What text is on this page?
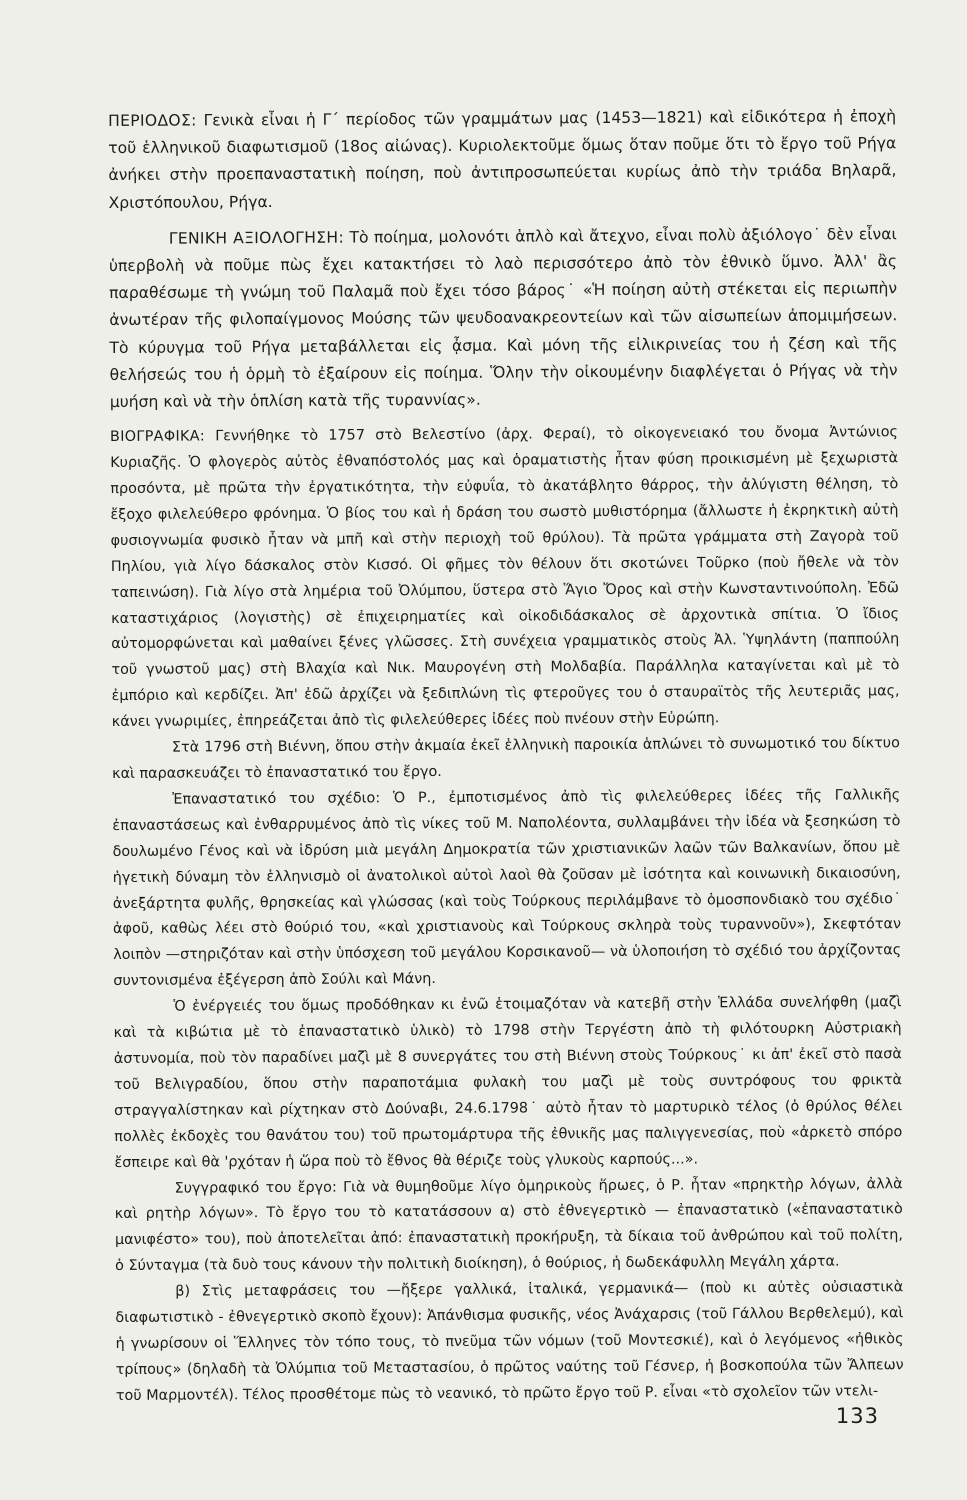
ΠΕΡΙΟΔΟΣ: Γενικὰ εἶναι ἡ Γ΄ περίοδος τῶν γραμμάτων μας (1453—1821) καὶ εἰδικότερα ἡ ἐποχὴ τοῦ ἑλληνικοῦ διαφωτισμοῦ (18ος αἰώνας). Κυριολεκτοῦμε ὅμως ὅταν ποῦμε ὅτι τὸ ἔργο τοῦ Ρήγα ἀνήκει στὴν προεπαναστατικὴ ποίηση, ποὺ ἀντιπροσωπεύεται κυρίως ἀπὸ τὴν τριάδα Βηλαρᾶ, Χριστόπουλου, Ρήγα.

ΓΕΝΙΚΗ ΑΞΙΟΛΟΓΗΣΗ: Τὸ ποίημα, μολονότι ἁπλὸ καὶ ἄτεχνο, εἶναι πολὺ ἀξιόλογο˙ δὲν εἶναι ὑπερβολὴ νὰ ποῦμε πὼς ἔχει κατακτήσει τὸ λαὸ περισσότερο ἀπὸ τὸν ἐθνικὸ ὕμνο. Ἀλλ' ἂς παραθέσωμε τὴ γνώμη τοῦ Παλαμᾶ ποὺ ἔχει τόσο βάρος˙ «Ἡ ποίηση αὐτὴ στέκεται εἰς περιωπὴν ἀνωτέραν τῆς φιλοπαίγμονος Μούσης τῶν ψευδοανακρεοντείων καὶ τῶν αἰσωπείων ἀπομιμήσεων. Τὸ κύρυγμα τοῦ Ρήγα μεταβάλλεται εἰς ᾆσμα. Καὶ μόνη τῆς εἰλικρινείας του ἡ ζέση καὶ τῆς θελήσεώς του ἡ ὁρμὴ τὸ ἐξαίρουν εἰς ποίημα. Ὅλην τὴν οἰκουμένην διαφλέγεται ὁ Ρήγας νὰ τὴν μυήση καὶ νὰ τὴν ὁπλίση κατὰ τῆς τυραννίας».

ΒΙΟΓΡΑΦΙΚΑ: Γεννήθηκε τὸ 1757 στὸ Βελεστίνο (ἀρχ. Φεραί), τὸ οἰκογενειακό του ὄνομα Ἀντώνιος Κυριαζῆς. Ὁ φλογερὸς αὐτὸς ἐθναπόστολός μας καὶ ὁραματιστὴς ἦταν φύση προικισμένη μὲ ξεχωριστὰ προσόντα, μὲ πρῶτα τὴν ἐργατικότητα, τὴν εὐφυΐα, τὸ ἀκατάβλητο θάρρος, τὴν ἀλύγιστη θέληση, τὸ ἔξοχο φιλελεύθερο φρόνημα. Ὁ βίος του καὶ ἡ δράση του σωστὸ μυθιστόρημα (ἄλλωστε ἡ ἐκρηκτικὴ αὐτὴ φυσιογνωμία φυσικὸ ἦταν νὰ μπῆ καὶ στὴν περιοχὴ τοῦ θρύλου). Τὰ πρῶτα γράμματα στὴ Ζαγορὰ τοῦ Πηλίου, γιὰ λίγο δάσκαλος στὸν Κισσό. Οἱ φῆμες τὸν θέλουν ὅτι σκοτώνει Τοῦρκο (ποὺ ἤθελε νὰ τὸν ταπεινώση). Γιὰ λίγο στὰ λημέρια τοῦ Ὀλύμπου, ὕστερα στὸ Ἅγιο Ὄρος καὶ στὴν Κωνσταντινούπολη. Ἐδῶ καταστιχάριος (λογιστὴς) σὲ ἐπιχειρηματίες καὶ οἰκοδιδάσκαλος σὲ ἀρχοντικὰ σπίτια. Ὁ ἴδιος αὐτομορφώνεται καὶ μαθαίνει ξένες γλῶσσες. Στὴ συνέχεια γραμματικὸς στοὺς Ἀλ. Ὑψηλάντη (παππούλη τοῦ γνωστοῦ μας) στὴ Βλαχία καὶ Νικ. Μαυρογένη στὴ Μολδαβία. Παράλληλα καταγίνεται καὶ μὲ τὸ ἐμπόριο καὶ κερδίζει. Ἀπ' ἐδῶ ἀρχίζει νὰ ξεδιπλώνη τὶς φτεροῦγες του ὁ σταυραϊτὸς τῆς λευτεριᾶς μας, κάνει γνωριμίες, ἐπηρεάζεται ἀπὸ τὶς φιλελεύθερες ἰδέες ποὺ πνέουν στὴν Εὐρώπη.

Στὰ 1796 στὴ Βιέννη, ὅπου στὴν ἀκμαία ἐκεῖ ἑλληνικὴ παροικία ἁπλώνει τὸ συνωμοτικό του δίκτυο καὶ παρασκευάζει τὸ ἐπαναστατικό του ἔργο.

Ἐπαναστατικό του σχέδιο: Ὁ Ρ., ἐμποτισμένος ἀπὸ τὶς φιλελεύθερες ἰδέες τῆς Γαλλικῆς ἐπαναστάσεως καὶ ἐνθαρρυμένος ἀπὸ τὶς νίκες τοῦ Μ. Ναπολέοντα, συλλαμβάνει τὴν ἰδέα νὰ ξεσηκώση τὸ δουλωμένο Γένος καὶ νὰ ἱδρύση μιὰ μεγάλη Δημοκρατία τῶν χριστιανικῶν λαῶν τῶν Βαλκανίων, ὅπου μὲ ἡγετικὴ δύναμη τὸν ἑλληνισμὸ οἱ ἀνατολικοὶ αὐτοὶ λαοὶ θὰ ζοῦσαν μὲ ἰσότητα καὶ κοινωνικὴ δικαιοσύνη, ἀνεξάρτητα φυλῆς, θρησκείας καὶ γλώσσας (καὶ τοὺς Τούρκους περιλάμβανε τὸ ὁμοσπονδιακὸ του σχέδιο˙ ἀφοῦ, καθὼς λέει στὸ θούριό του, «καὶ χριστιανοὺς καὶ Τούρκους σκληρὰ τοὺς τυραννοῦν»), Σκεφτόταν λοιπὸν —στηριζόταν καὶ στὴν ὑπόσχεση τοῦ μεγάλου Κορσικανοῦ— νὰ ὑλοποιήση τὸ σχέδιό του ἀρχίζοντας συντονισμένα ἐξέγερση ἀπὸ Σούλι καὶ Μάνη.

Ὁ ἐνέργειές του ὅμως προδόθηκαν κι ἐνῶ ἑτοιμαζόταν νὰ κατεβῆ στὴν Ἑλλάδα συνελήφθη (μαζὶ καὶ τὰ κιβώτια μὲ τὸ ἐπαναστατικὸ ὑλικὸ) τὸ 1798 στὴν Τεργέστη ἀπὸ τὴ φιλότουρκη Αὐστριακὴ ἀστυνομία, ποὺ τὸν παραδίνει μαζὶ μὲ 8 συνεργάτες του στὴ Βιέννη στοὺς Τούρκους˙ κι ἀπ' ἐκεῖ στὸ πασὰ τοῦ Βελιγραδίου, ὅπου στὴν παραποτάμια φυλακὴ του μαζὶ μὲ τοὺς συντρόφους του φρικτὰ στραγγαλίστηκαν καὶ ρίχτηκαν στὸ Δούναβι, 24.6.1798˙ αὐτὸ ἦταν τὸ μαρτυρικὸ τέλος (ὁ θρύλος θέλει πολλὲς ἐκδοχὲς του θανάτου του) τοῦ πρωτομάρτυρα τῆς ἐθνικῆς μας παλιγγενεσίας, ποὺ «ἀρκετὸ σπόρο ἔσπειρε καὶ θὰ 'ρχόταν ἡ ὥρα ποὺ τὸ ἔθνος θὰ θέριζε τοὺς γλυκοὺς καρπούς...».

Συγγραφικό του ἔργο: Γιὰ νὰ θυμηθοῦμε λίγο ὁμηρικοὺς ἥρωες, ὁ Ρ. ἦταν «πρηκτὴρ λόγων, ἀλλὰ καὶ ρητὴρ λόγων». Τὸ ἔργο του τὸ κατατάσσουν α) στὸ ἐθνεγερτικὸ — ἐπαναστατικὸ («ἐπαναστατικὸ μανιφέστο» του), ποὺ ἀποτελεῖται ἀπό: ἐπαναστατικὴ προκήρυξη, τὰ δίκαια τοῦ ἀνθρώπου καὶ τοῦ πολίτη, ὁ Σύνταγμα (τὰ δυὸ τους κάνουν τὴν πολιτικὴ διοίκηση), ὁ θούριος, ἡ δωδεκάφυλλη Μεγάλη χάρτα.

β) Στὶς μεταφράσεις του —ἤξερε γαλλικά, ἰταλικά, γερμανικά— (ποὺ κι αὐτὲς οὐσιαστικὰ διαφωτιστικὸ - ἐθνεγερτικὸ σκοπὸ ἔχουν): Ἀπάνθισμα φυσικῆς, νέος Ἀνάχαρσις (τοῦ Γάλλου Βερθελεμύ), καὶ ἡ γνωρίσουν οἱ Ἕλληνες τὸν τόπο τους, τὸ πνεῦμα τῶν νόμων (τοῦ Μοντεσκιέ), καὶ ὁ λεγόμενος «ἠθικὸς τρίπους» (δηλαδὴ τὰ Ὀλύμπια τοῦ Μεταστασίου, ὁ πρῶτος ναύτης τοῦ Γέσνερ, ἡ βοσκοπούλα τῶν Ἄλπεων τοῦ Μαρμοντέλ). Τέλος προσθέτομε πὼς τὸ νεανικό, τὸ πρῶτο ἔργο τοῦ Ρ. εἶναι «τὸ σχολεῖον τῶν ντελι-

133
